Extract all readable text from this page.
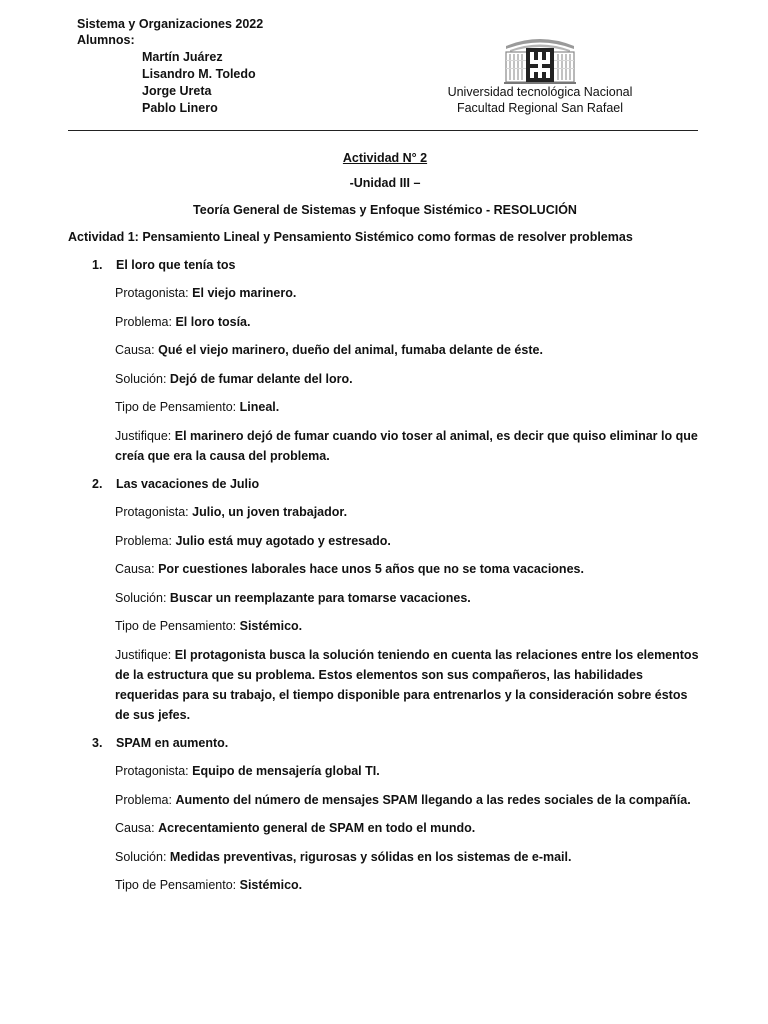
Sistema y Organizaciones 2022
Alumnos:
Martín Juárez
Lisandro M. Toledo
Jorge Ureta
Pablo Linero
Universidad tecnológica Nacional
Facultad Regional San Rafael

Actividad N° 2

-Unidad III –

Teoría General de Sistemas y Enfoque Sistémico - RESOLUCIÓN

Actividad 1: Pensamiento Lineal y Pensamiento Sistémico como formas de resolver problemas

1. El loro que tenía tos

Protagonista: El viejo marinero.

Problema: El loro tosía.

Causa: Qué el viejo marinero, dueño del animal, fumaba delante de éste.

Solución: Dejó de fumar delante del loro.

Tipo de Pensamiento: Lineal.

Justifique: El marinero dejó de fumar cuando vio toser al animal, es decir que quiso eliminar lo que creía que era la causa del problema.

2. Las vacaciones de Julio

Protagonista: Julio, un joven trabajador.

Problema: Julio está muy agotado y estresado.

Causa: Por cuestiones laborales hace unos 5 años que no se toma vacaciones.

Solución: Buscar un reemplazante para tomarse vacaciones.

Tipo de Pensamiento: Sistémico.

Justifique: El protagonista busca la solución teniendo en cuenta las relaciones entre los elementos de la estructura que su problema. Estos elementos son sus compañeros, las habilidades requeridas para su trabajo, el tiempo disponible para entrenarlos y la consideración sobre éstos de sus jefes.

3. SPAM en aumento.

Protagonista: Equipo de mensajería global TI.

Problema: Aumento del número de mensajes SPAM llegando a las redes sociales de la compañía.

Causa: Acrecentamiento general de SPAM en todo el mundo.

Solución: Medidas preventivas, rigurosas y sólidas en los sistemas de e-mail.

Tipo de Pensamiento: Sistémico.
